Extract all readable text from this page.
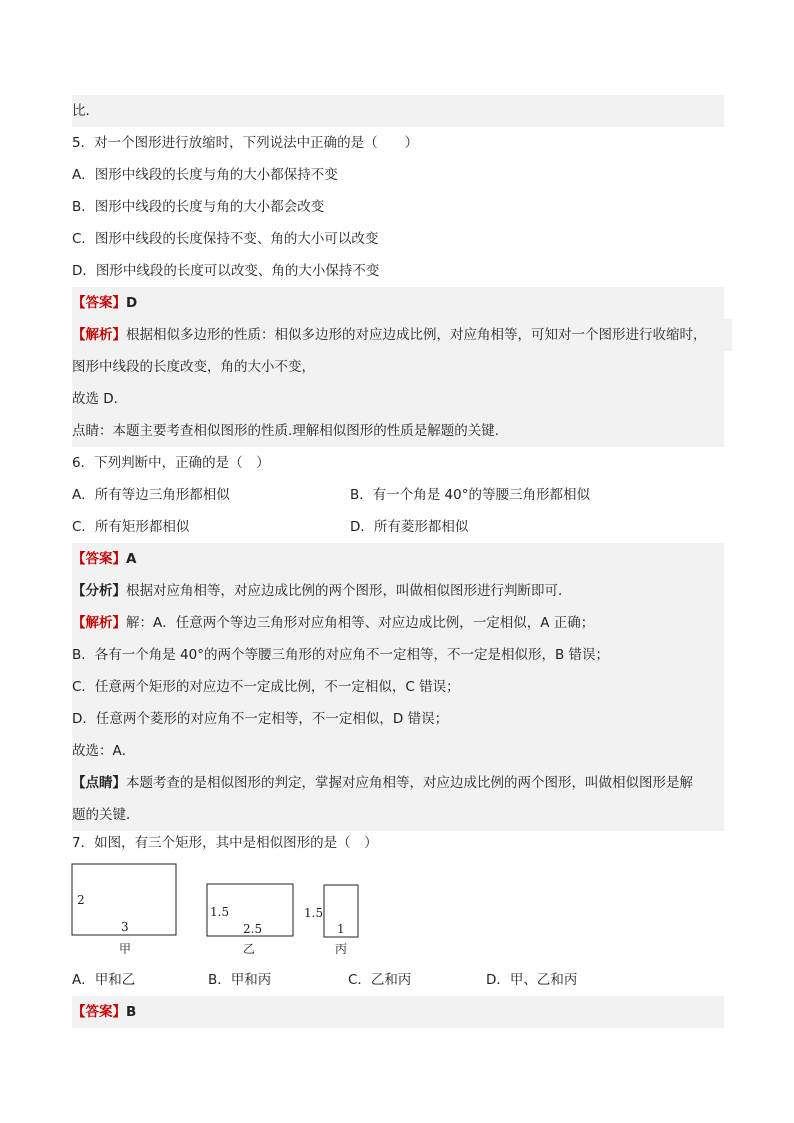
比．
5．对一个图形进行放缩时，下列说法中正确的是（　　）
A．图形中线段的长度与角的大小都保持不变
B．图形中线段的长度与角的大小都会改变
C．图形中线段的长度保持不变、角的大小可以改变
D．图形中线段的长度可以改变、角的大小保持不变
【答案】D
【解析】根据相似多边形的性质：相似多边形的对应边成比例，对应角相等，可知对一个图形进行收缩时，
图形中线段的长度改变，角的大小不变，
故选 D．
点睛：本题主要考查相似图形的性质.理解相似图形的性质是解题的关键.
6．下列判断中，正确的是（　）
A．所有等边三角形都相似	B．有一个角是 40°的等腰三角形都相似
C．所有矩形都相似	D．所有菱形都相似
【答案】A
【分析】根据对应角相等，对应边成比例的两个图形，叫做相似图形进行判断即可．
【解析】解：A．任意两个等边三角形对应角相等、对应边成比例，一定相似，A 正确；
B．各有一个角是 40°的两个等腰三角形的对应角不一定相等，不一定是相似形，B 错误；
C．任意两个矩形的对应边不一定成比例，不一定相似，C 错误；
D．任意两个菱形的对应角不一定相等，不一定相似，D 错误；
故选：A．
【点睛】本题考查的是相似图形的判定，掌握对应角相等，对应边成比例的两个图形，叫做相似图形是解
题的关键．
7．如图，有三个矩形，其中是相似图形的是（　）
2
3
甲
1.5
2.5
乙
1.5
1
丙
A．甲和乙	B．甲和丙	C．乙和丙	D．甲、乙和丙
【答案】B
